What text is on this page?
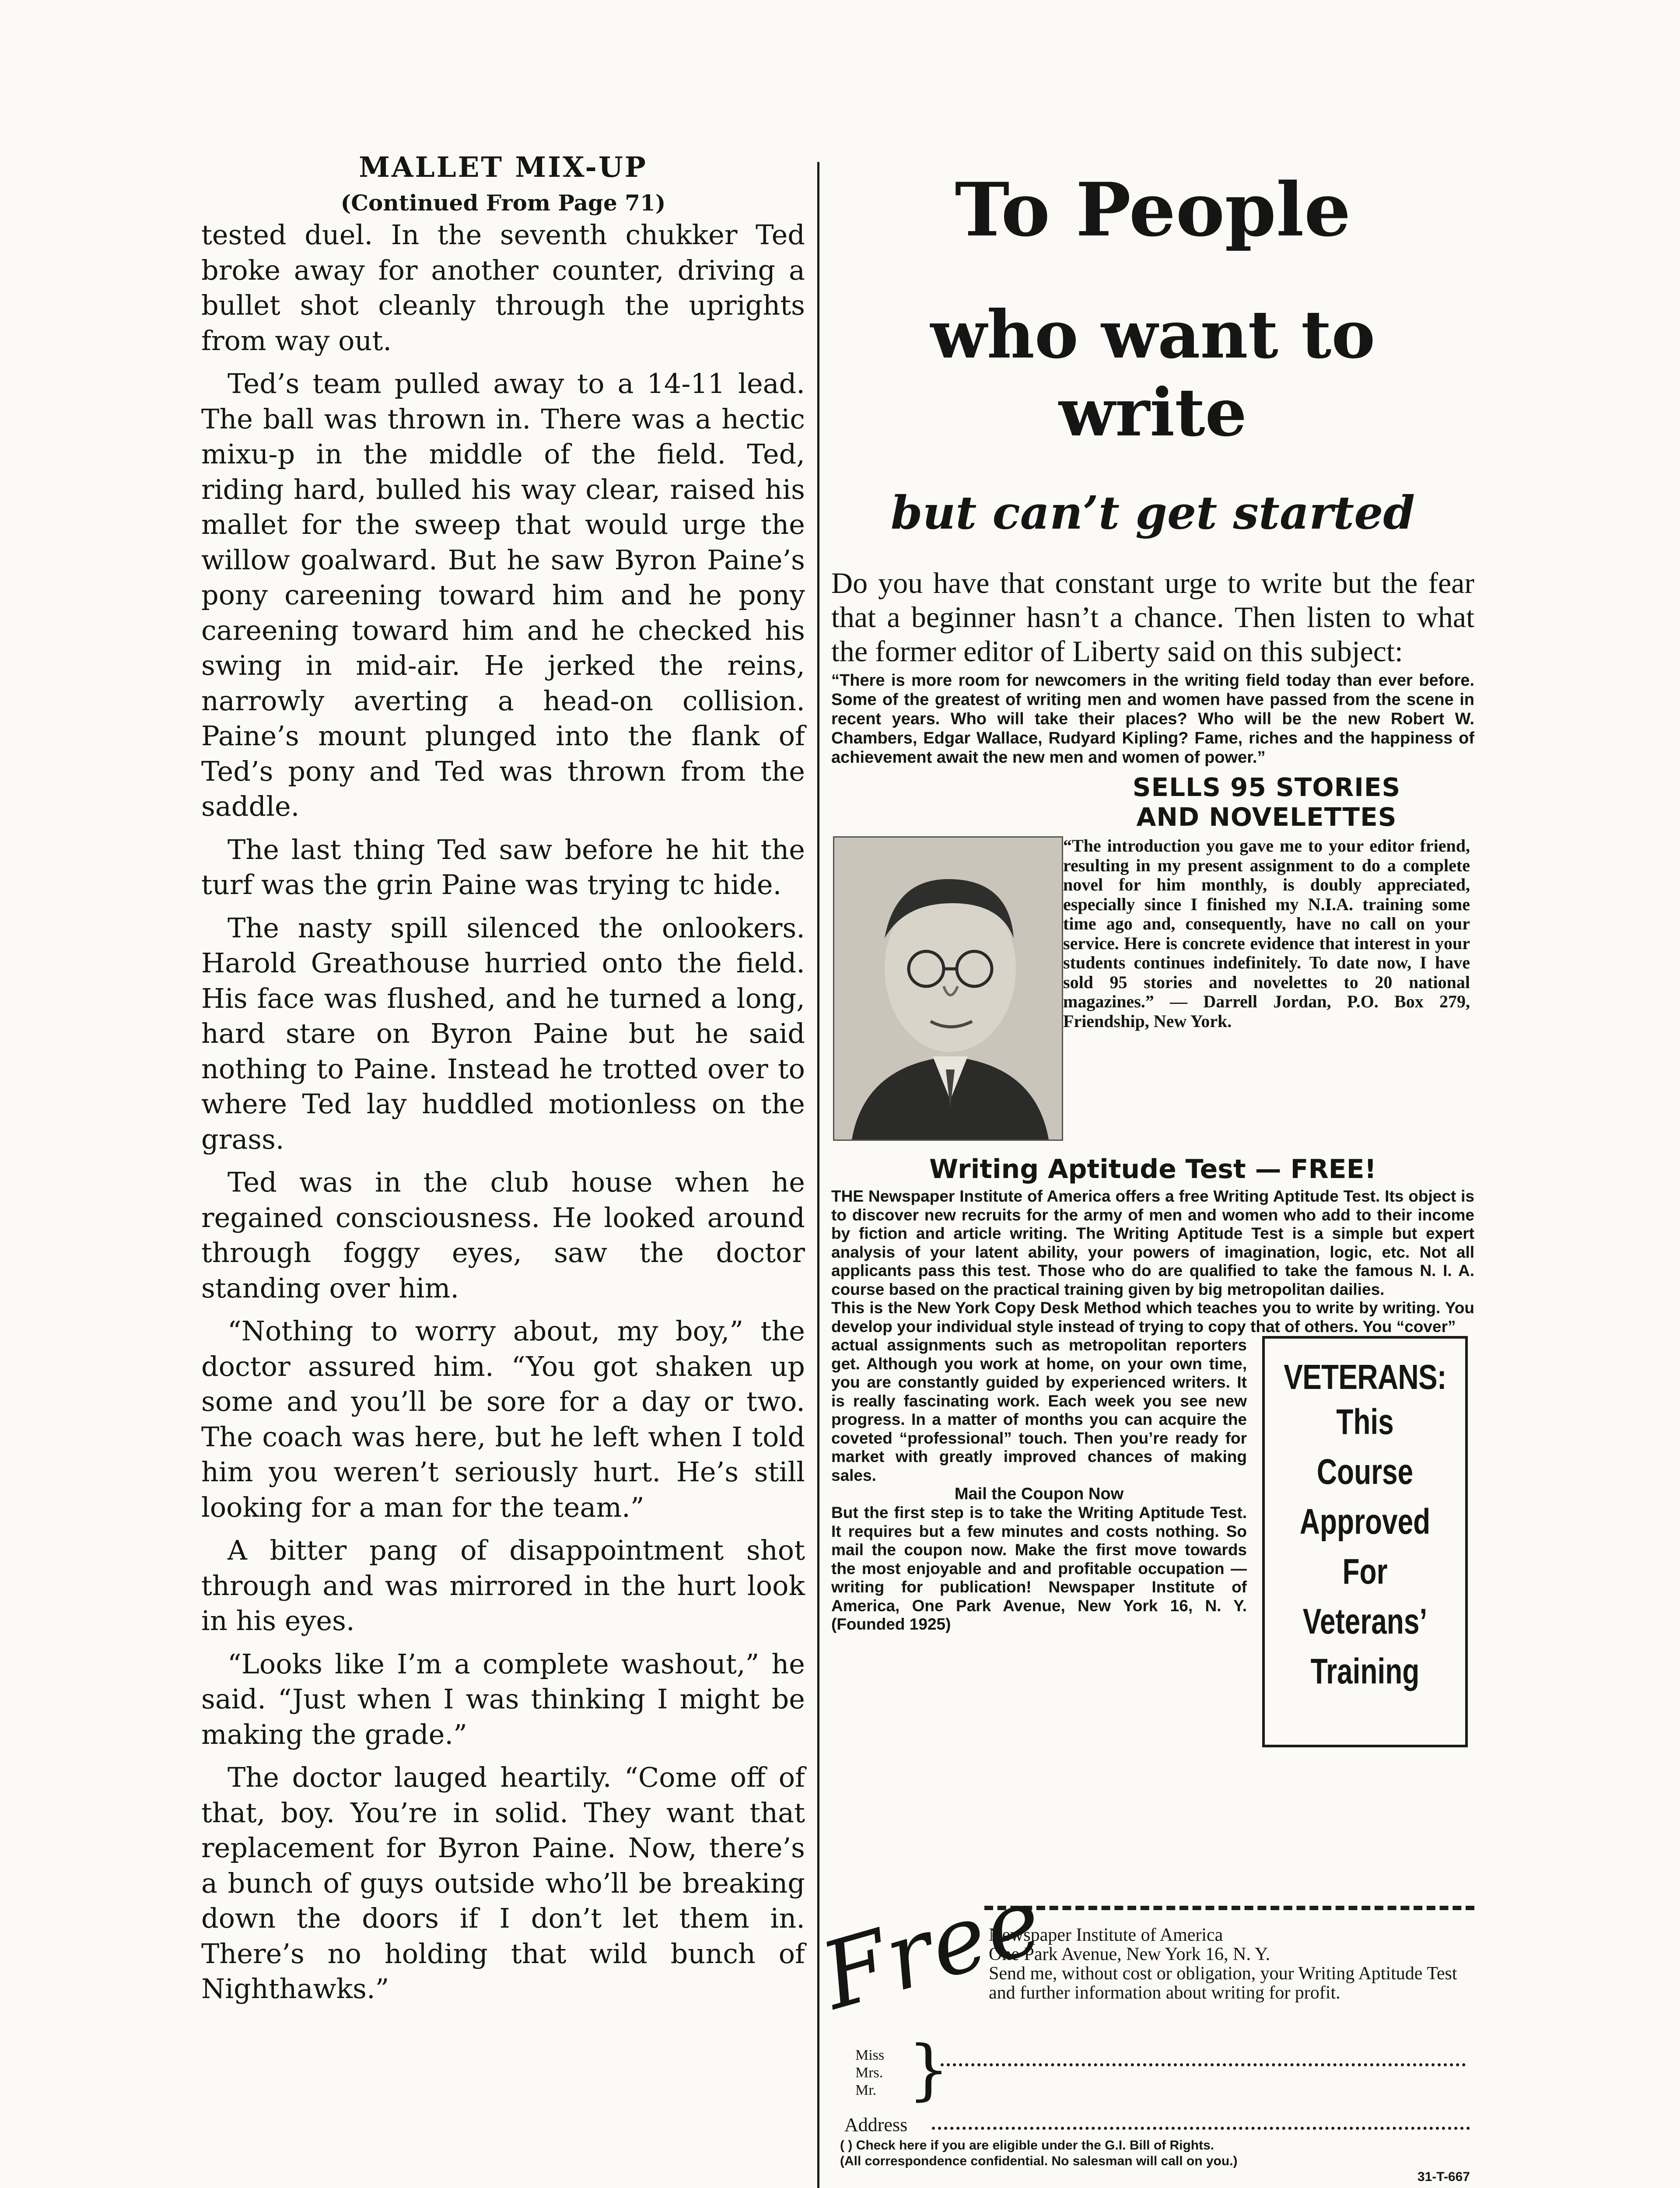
MALLET MIX-UP
(Continued From Page 71)

tested duel. In the seventh chukker Ted broke away for another counter, driving a bullet shot cleanly through the uprights from way out.

Ted’s team pulled away to a 14-11 lead. The ball was thrown in. There was a hectic mixu-p in the middle of the field. Ted, riding hard, bulled his way clear, raised his mallet for the sweep that would urge the willow goalward. But he saw Byron Paine’s pony careening toward him and he pony careening toward him and he checked his swing in mid-air. He jerked the reins, narrowly averting a head-on collision. Paine’s mount plunged into the flank of Ted’s pony and Ted was thrown from the saddle.

The last thing Ted saw before he hit the turf was the grin Paine was trying tc hide.

The nasty spill silenced the onlookers. Harold Greathouse hurried onto the field. His face was flushed, and he turned a long, hard stare on Byron Paine but he said nothing to Paine. Instead he trotted over to where Ted lay huddled motionless on the grass.

Ted was in the club house when he regained consciousness. He looked around through foggy eyes, saw the doctor standing over him.

“Nothing to worry about, my boy,” the doctor assured him. “You got shaken up some and you’ll be sore for a day or two. The coach was here, but he left when I told him you weren’t seriously hurt. He’s still looking for a man for the team.”

A bitter pang of disappointment shot through and was mirrored in the hurt look in his eyes.

“Looks like I’m a complete washout,” he said. “Just when I was thinking I might be making the grade.”

The doctor lauged heartily. “Come off of that, boy. You’re in solid. They want that replacement for Byron Paine. Now, there’s a bunch of guys outside who’ll be breaking down the doors if I don’t let them in. There’s no holding that wild bunch of Nighthawks.”

To People
who want to write
but can’t get started

Do you have that constant urge to write but the fear that a beginner hasn’t a chance. Then listen to what the former editor of Liberty said on this subject:

“There is more room for newcomers in the writing field today than ever before. Some of the greatest of writing men and women have passed from the scene in recent years. Who will take their places? Who will be the new Robert W. Chambers, Edgar Wallace, Rudyard Kipling? Fame, riches and the happiness of achievement await the new men and women of power.”

SELLS 95 STORIES
AND NOVELETTES

“The introduction you gave me to your editor friend, resulting in my present assignment to do a complete novel for him monthly, is doubly appreciated, especially since I finished my N.I.A. training some time ago and, consequently, have no call on your service. Here is concrete evidence that interest in your students continues indefinitely. To date now, I have sold 95 stories and novelettes to 20 national magazines.” — Darrell Jordan, P.O. Box 279, Friendship, New York.

Writing Aptitude Test — FREE!

THE Newspaper Institute of America offers a free Writing Aptitude Test. Its object is to discover new recruits for the army of men and women who add to their income by fiction and article writing. The Writing Aptitude Test is a simple but expert analysis of your latent ability, your powers of imagination, logic, etc. Not all applicants pass this test. Those who do are qualified to take the famous N. I. A. course based on the practical training given by big metropolitan dailies.

This is the New York Copy Desk Method which teaches you to write by writing. You develop your individual style instead of trying to copy that of others. You “cover”

actual assignments such as metropolitan reporters get. Although you work at home, on your own time, you are constantly guided by experienced writers. It is really fascinating work. Each week you see new progress. In a matter of months you can acquire the coveted “professional” touch. Then you’re ready for market with greatly improved chances of making sales.

Mail the Coupon Now

But the first step is to take the Writing Aptitude Test. It requires but a few minutes and costs nothing. So mail the coupon now. Make the first move towards the most enjoyable and and profitable occupation — writing for publication! Newspaper Institute of America, One Park Avenue, New York 16, N. Y. (Founded 1925)

VETERANS:
This
Course
Approved
For
Veterans’
Training
Free
Newspaper Institute of America
One Park Avenue, New York 16, N. Y.
Send me, without cost or obligation, your Writing Aptitude Test and further information about writing for profit.
Miss
Mrs.
Mr. }
Address
( ) Check here if you are eligible under the G.I. Bill of Rights.
(All correspondence confidential. No salesman will call on you.)
31-T-667
